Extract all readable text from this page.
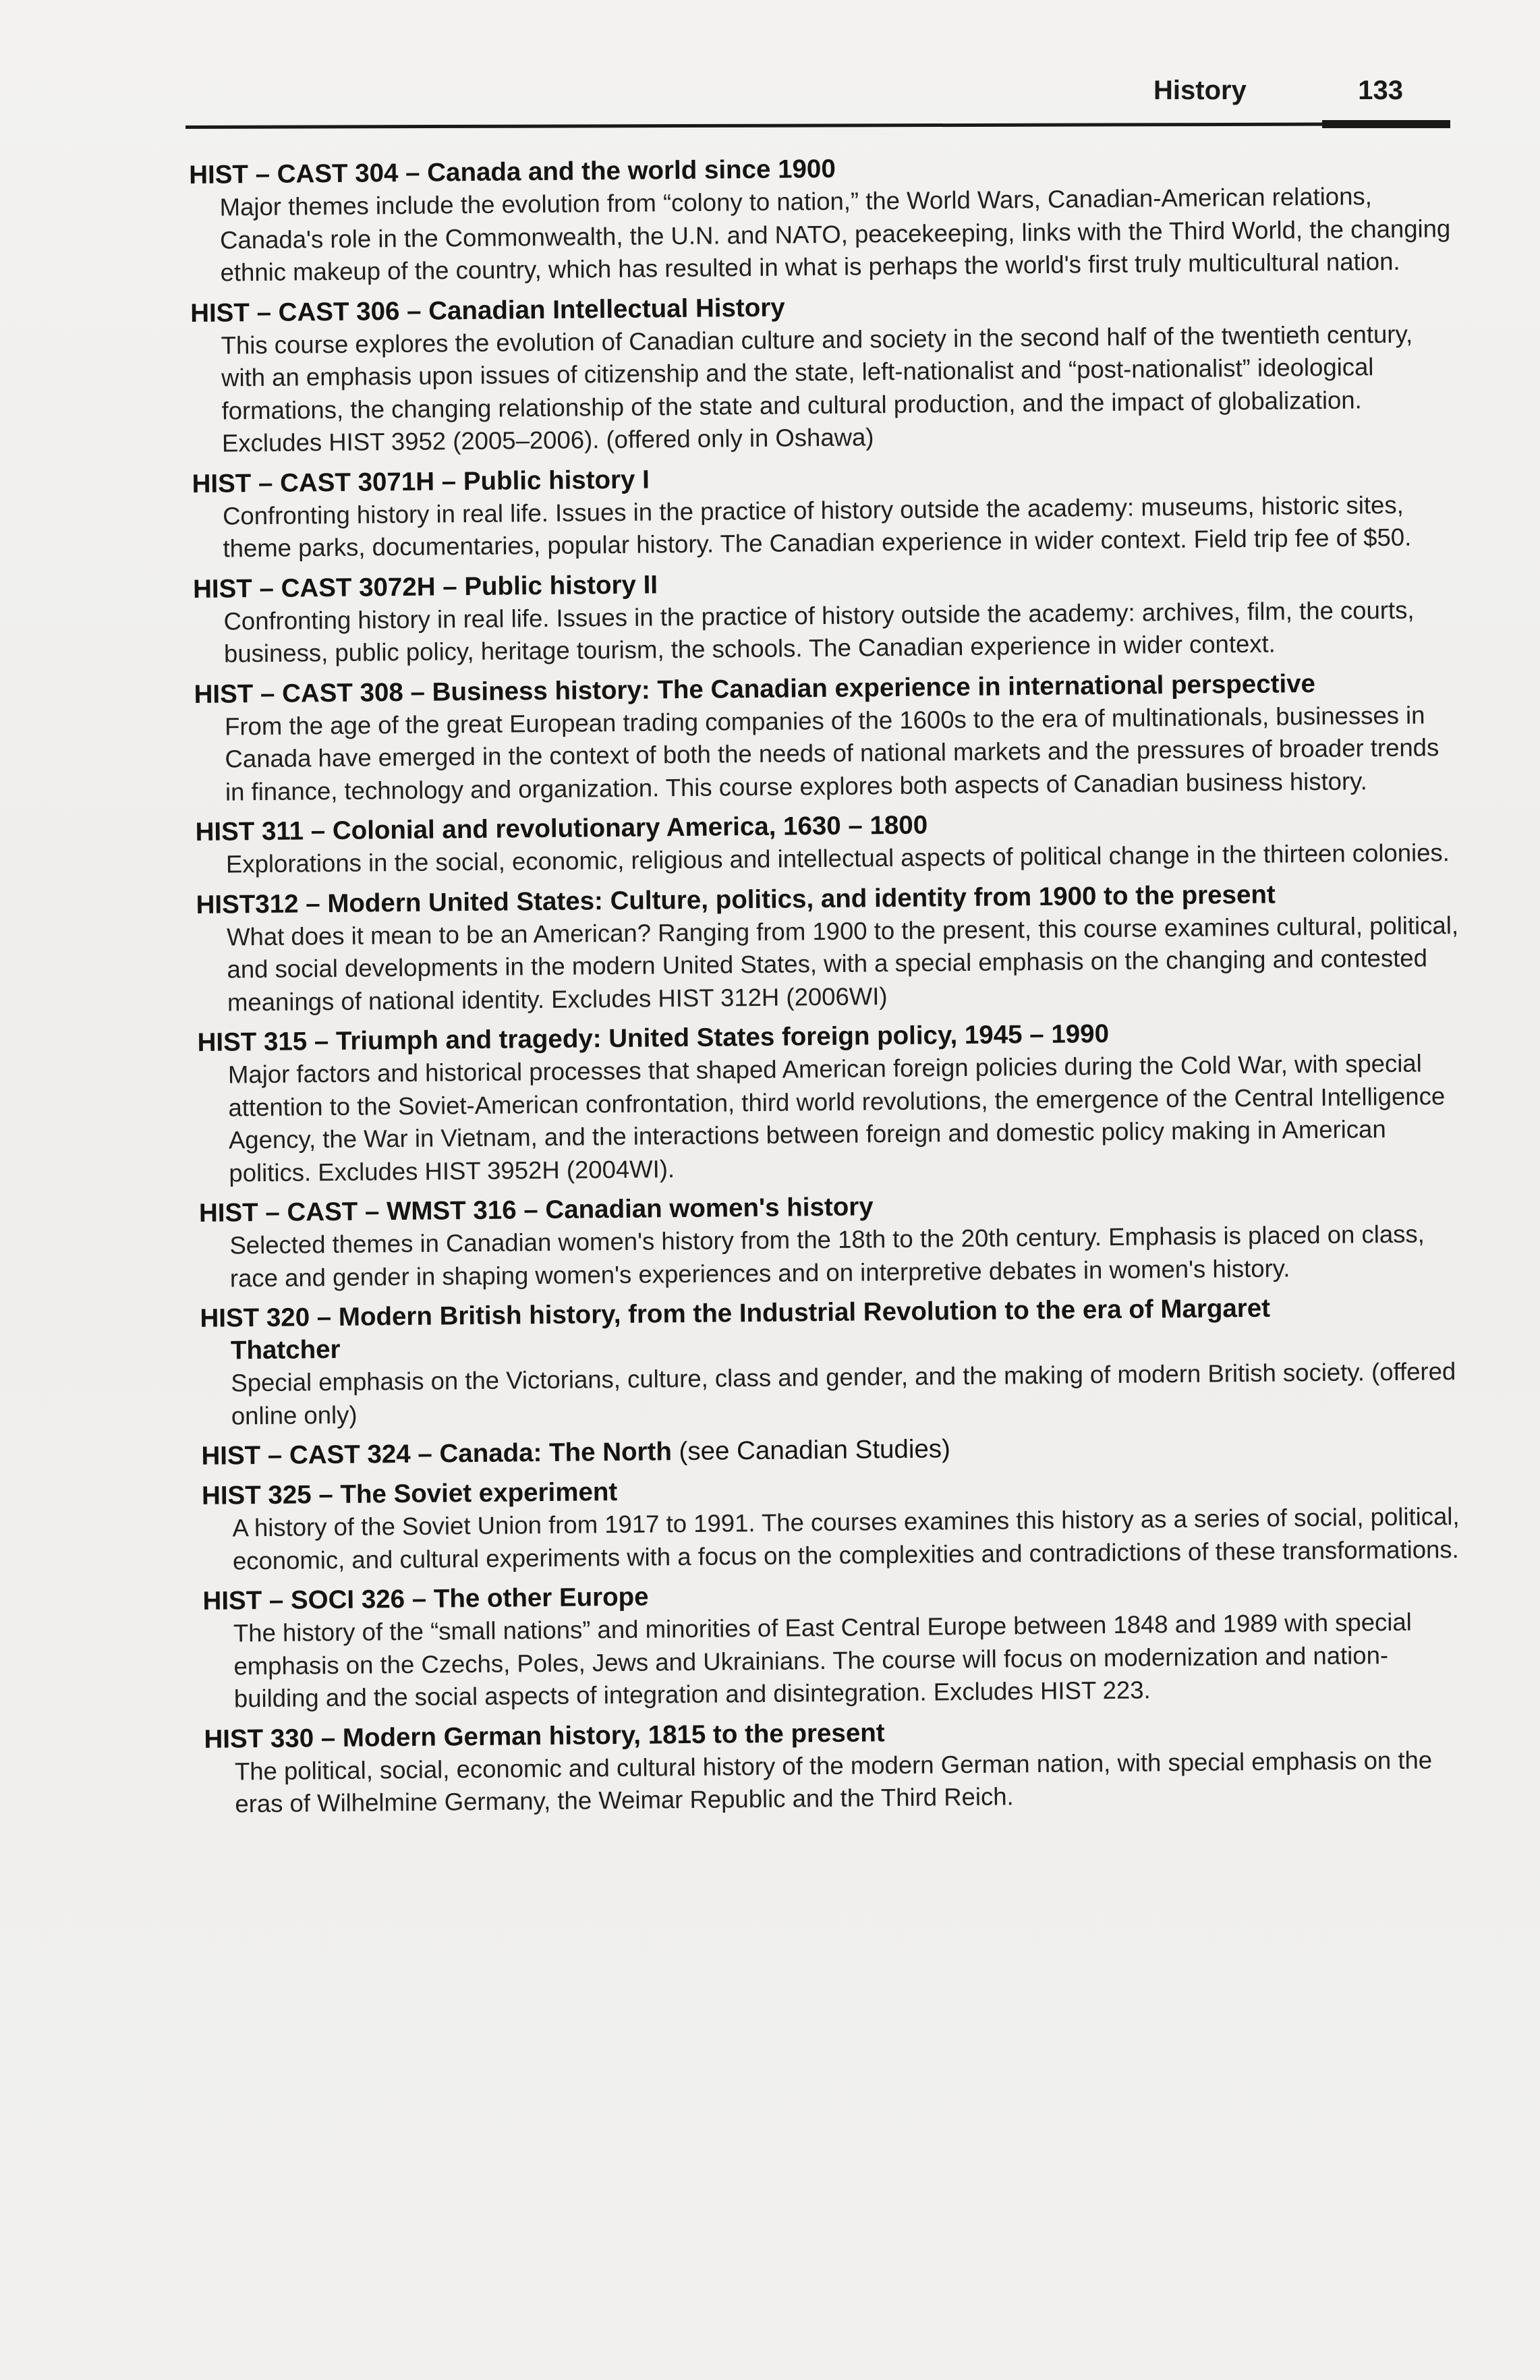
History	133
HIST – CAST 304 – Canada and the world since 1900

Major themes include the evolution from “colony to nation,” the World Wars, Canadian-American relations, Canada's role in the Commonwealth, the U.N. and NATO, peacekeeping, links with the Third World, the changing ethnic makeup of the country, which has resulted in what is perhaps the world's first truly multicultural nation.

HIST – CAST 306 – Canadian Intellectual History

This course explores the evolution of Canadian culture and society in the second half of the twentieth century, with an emphasis upon issues of citizenship and the state, left-nationalist and “post-nationalist” ideological formations, the changing relationship of the state and cultural production, and the impact of globalization. Excludes HIST 3952 (2005–2006). (offered only in Oshawa)

HIST – CAST 3071H – Public history I

Confronting history in real life. Issues in the practice of history outside the academy: museums, historic sites, theme parks, documentaries, popular history. The Canadian experience in wider context. Field trip fee of $50.

HIST – CAST 3072H – Public history II

Confronting history in real life. Issues in the practice of history outside the academy: archives, film, the courts, business, public policy, heritage tourism, the schools. The Canadian experience in wider context.

HIST – CAST 308 – Business history: The Canadian experience in international perspective

From the age of the great European trading companies of the 1600s to the era of multinationals, businesses in Canada have emerged in the context of both the needs of national markets and the pressures of broader trends in finance, technology and organization. This course explores both aspects of Canadian business history.

HIST 311 – Colonial and revolutionary America, 1630 – 1800

Explorations in the social, economic, religious and intellectual aspects of political change in the thirteen colonies.

HIST312 – Modern United States: Culture, politics, and identity from 1900 to the present

What does it mean to be an American? Ranging from 1900 to the present, this course examines cultural, political, and social developments in the modern United States, with a special emphasis on the changing and contested meanings of national identity. Excludes HIST 312H (2006WI)

HIST 315 – Triumph and tragedy: United States foreign policy, 1945 – 1990

Major factors and historical processes that shaped American foreign policies during the Cold War, with special attention to the Soviet-American confrontation, third world revolutions, the emergence of the Central Intelligence Agency, the War in Vietnam, and the interactions between foreign and domestic policy making in American politics. Excludes HIST 3952H (2004WI).

HIST – CAST – WMST 316 – Canadian women's history

Selected themes in Canadian women's history from the 18th to the 20th century. Emphasis is placed on class, race and gender in shaping women's experiences and on interpretive debates in women's history.

HIST 320 – Modern British history, from the Industrial Revolution to the era of Margaret
Thatcher

Special emphasis on the Victorians, culture, class and gender, and the making of modern British society. (offered online only)

HIST – CAST 324 – Canada: The North (see Canadian Studies)
HIST 325 – The Soviet experiment

A history of the Soviet Union from 1917 to 1991. The courses examines this history as a series of social, political, economic, and cultural experiments with a focus on the complexities and contradictions of these transformations.

HIST – SOCI 326 – The other Europe

The history of the “small nations” and minorities of East Central Europe between 1848 and 1989 with special emphasis on the Czechs, Poles, Jews and Ukrainians. The course will focus on modernization and nation-building and the social aspects of integration and disintegration. Excludes HIST 223.

HIST 330 – Modern German history, 1815 to the present

The political, social, economic and cultural history of the modern German nation, with special emphasis on the eras of Wilhelmine Germany, the Weimar Republic and the Third Reich.
